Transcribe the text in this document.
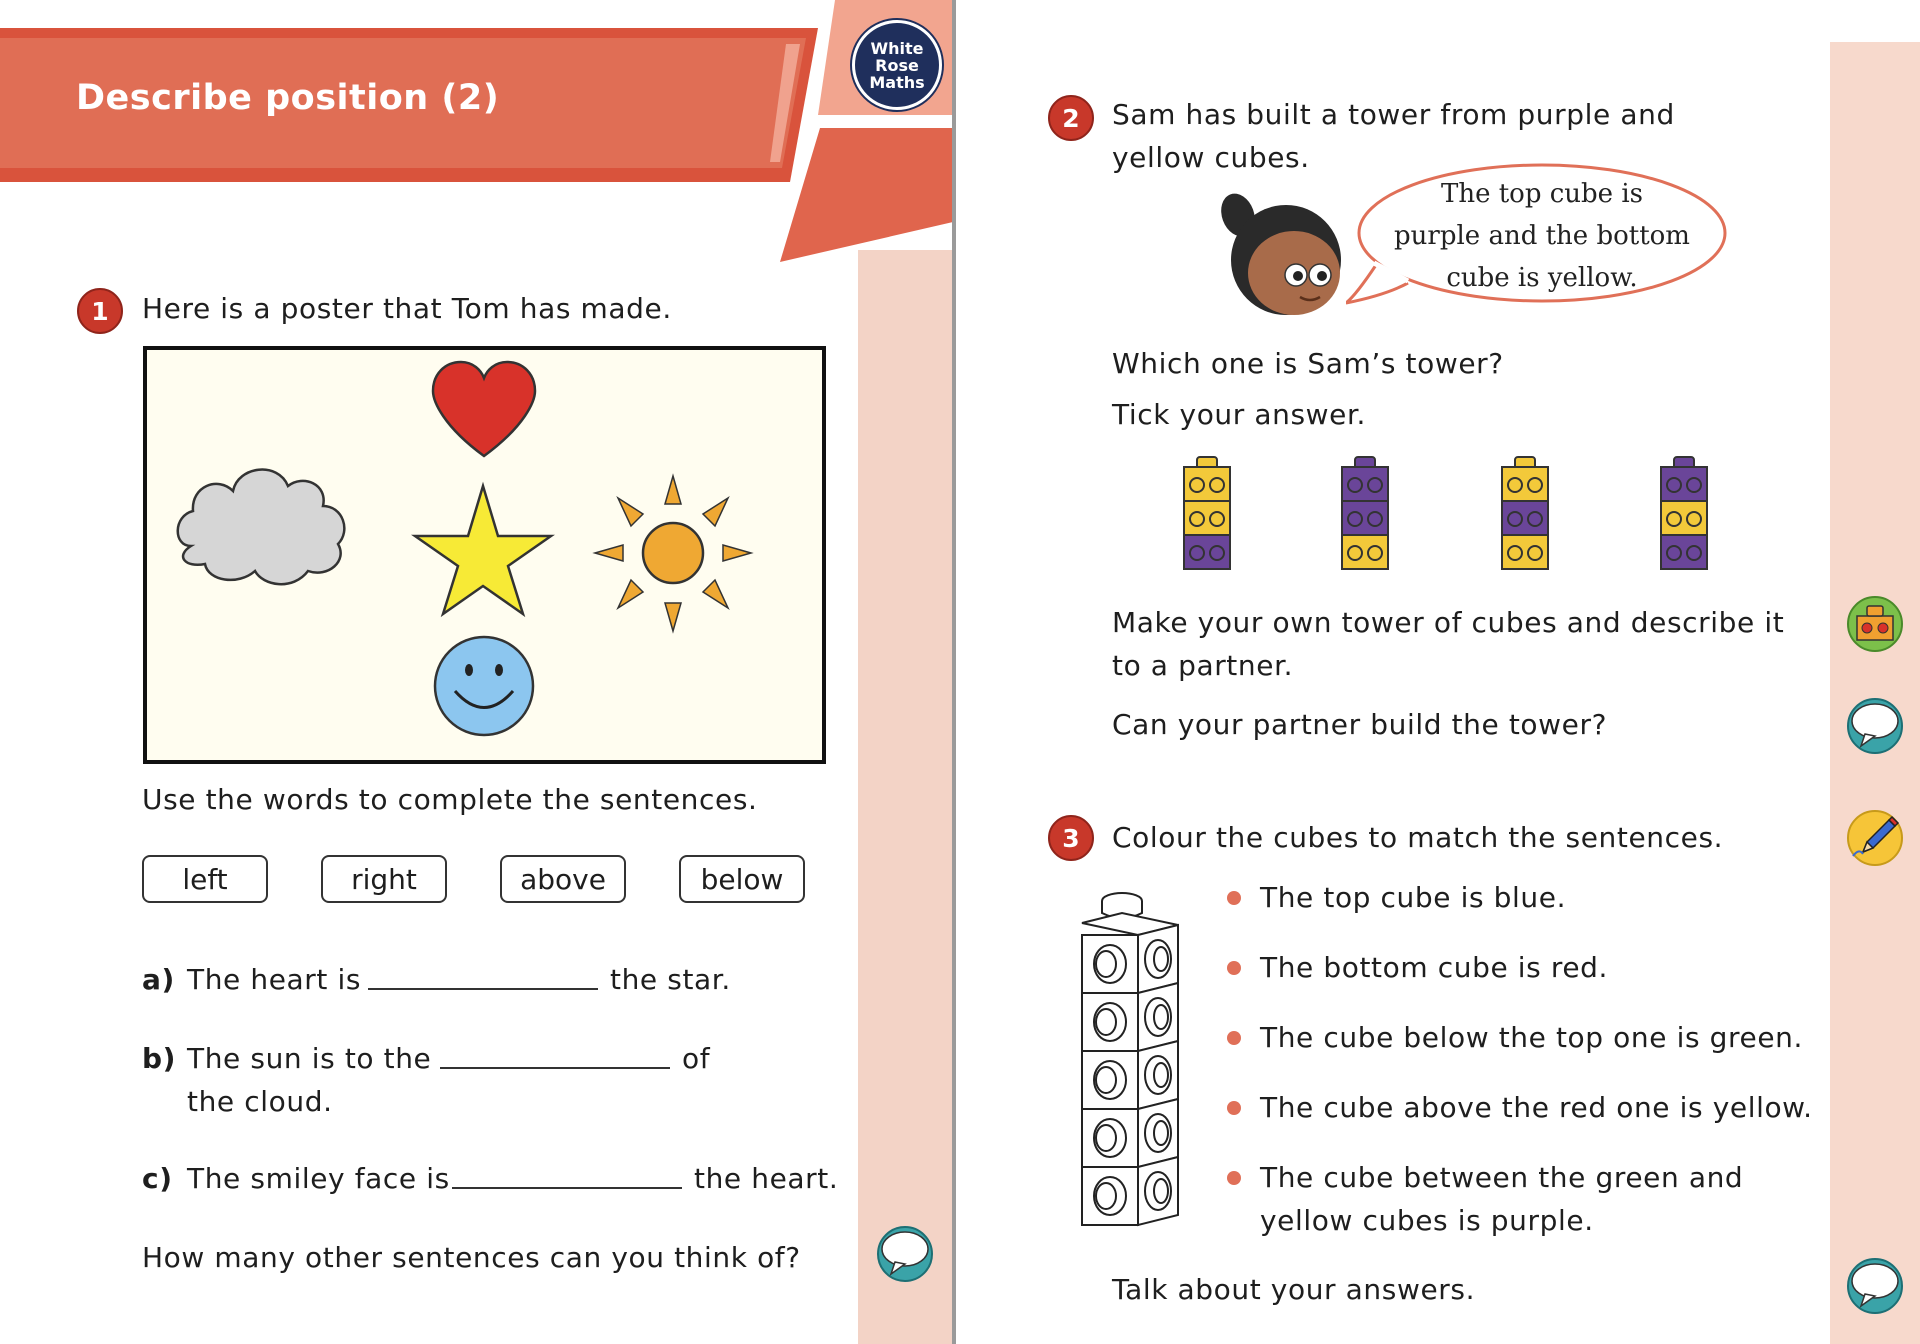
Describe position (2)
White
Rose
Maths
1	Here is a poster that Tom has made.
Use the words to complete the sentences.
left	right	above	below
a) The heart is	the star.
b) The sun is to the	of
the cloud.
c) The smiley face is	the heart.
How many other sentences can you think of?
2	Sam has built a tower from purple and
yellow cubes.
The top cube is
purple and the bottom
cube is yellow.
Which one is Sam’s tower?
Tick your answer.
Make your own tower of cubes and describe it
to a partner.
Can your partner build the tower?
3	Colour the cubes to match the sentences.
The top cube is blue.
The bottom cube is red.
The cube below the top one is green.
The cube above the red one is yellow.
The cube between the green and
yellow cubes is purple.
Talk about your answers.
